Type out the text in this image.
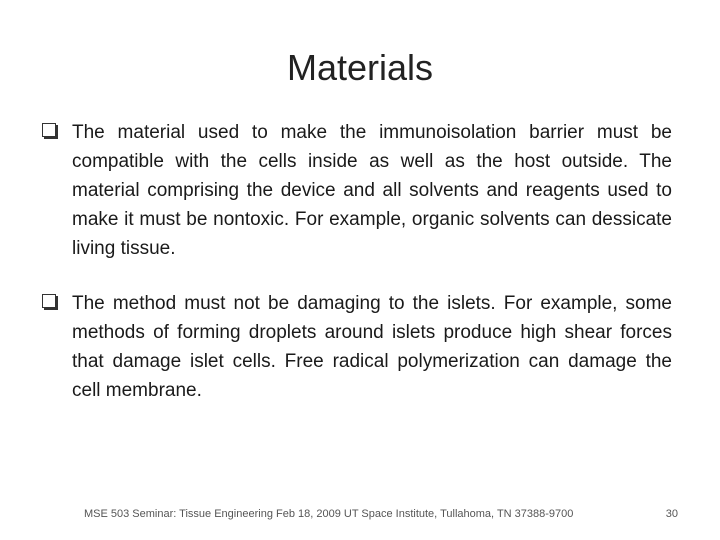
Materials
The material used to make the immunoisolation barrier must be compatible with the cells inside as well as the host outside. The material comprising the device and all solvents and reagents used to make it must be nontoxic. For example, organic solvents can dessicate living tissue.
The method must not be damaging to the islets. For example, some methods of forming droplets around islets produce high shear forces that damage islet cells. Free radical polymerization can damage the cell membrane.
MSE 503 Seminar: Tissue Engineering Feb 18, 2009 UT Space Institute, Tullahoma, TN 37388-9700	30
